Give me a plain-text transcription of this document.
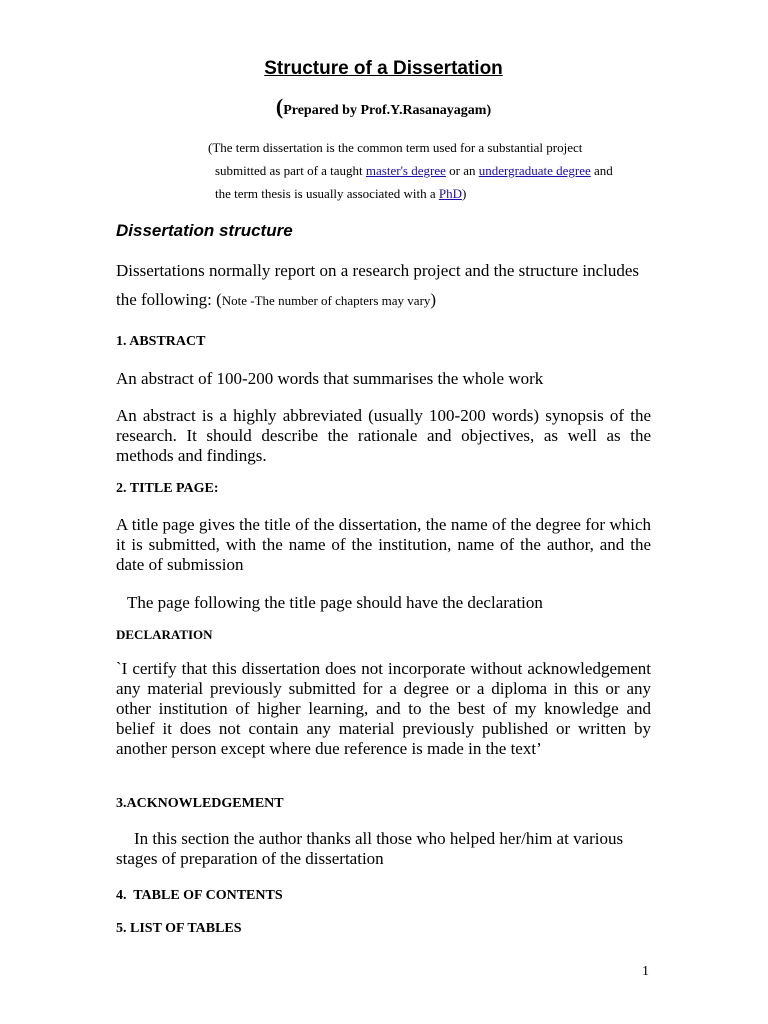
Structure of a Dissertation
(Prepared by Prof.Y.Rasanayagam)
(The term dissertation is the common term used for a substantial project
submitted as part of a taught master's degree or an undergraduate degree and
the term thesis is usually associated with a PhD)
Dissertation structure
Dissertations normally report on a research project and the structure includes the following: (Note -The number of chapters may vary)
1. ABSTRACT
An abstract of 100-200 words that summarises the whole work
An abstract is a highly abbreviated (usually 100-200 words) synopsis of the research. It should describe the rationale and objectives, as well as the methods and findings.
2. TITLE PAGE:
A title page gives the title of the dissertation, the name of the degree for which it is submitted, with the name of the institution, name of the author, and the date of submission
The page following the title page should have the declaration
DECLARATION
`I certify that this dissertation does not incorporate without acknowledgement any material previously submitted for a degree or a diploma in this or any other institution of higher learning, and to the best of my knowledge and belief it does not contain any material previously published or written by another person except where due reference is made in the text’
3.ACKNOWLEDGEMENT
In this section the author thanks all those who helped her/him at various stages of preparation of the dissertation
4.  TABLE OF CONTENTS
5. LIST OF TABLES
1
